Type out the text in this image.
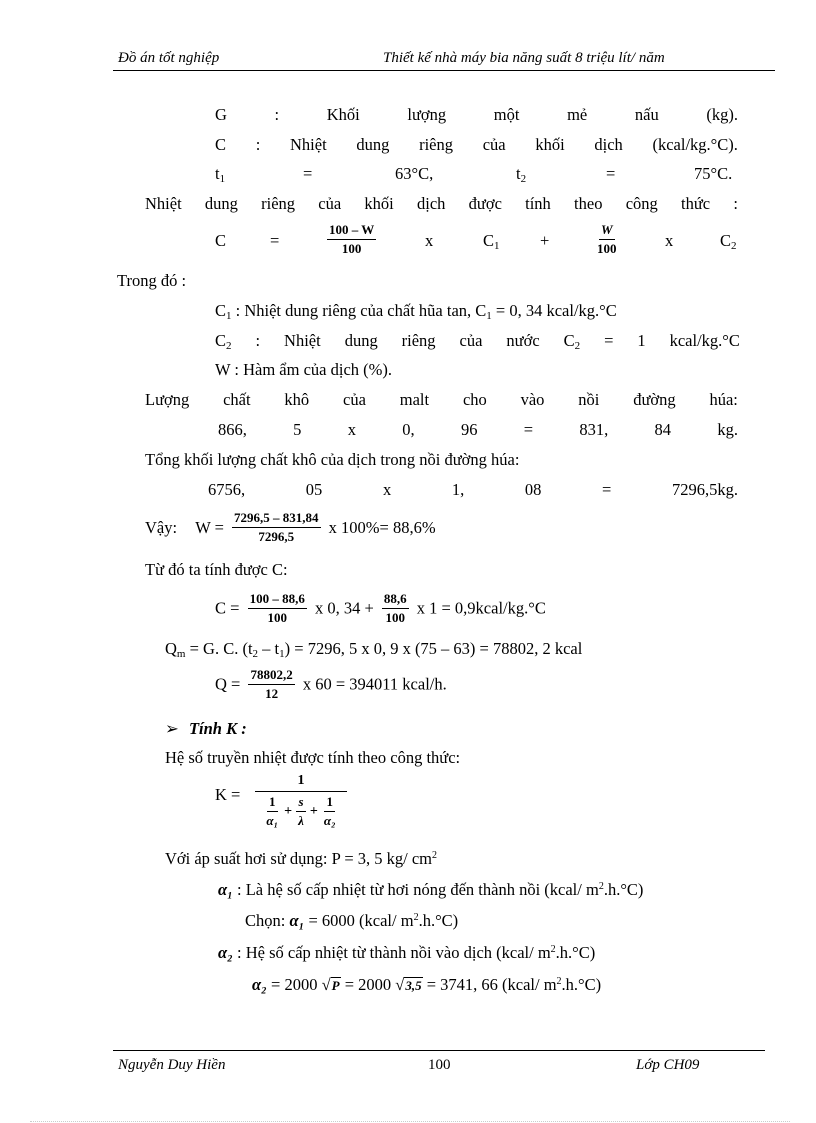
Đồ án tốt nghiệp	Thiết kế nhà máy bia năng suất 8 triệu lít/ năm
G	:	Khối	lượng	một	mẻ	nấu	(kg).
C : Nhiệt dung riêng của khối dịch (kcal/kg.°C).
$t_1$	=	63°C,	$t_2$	=	75°C.
Nhiệt dung riêng của khối dịch được tính theo công thức :
C	=	$\frac{100 - W}{100}$	x	$C_1$ +	$\frac{W}{100}$	x	$C_2$
Trong đó :
$C_1$ : Nhiệt dung riêng của chất hũa tan, $C_1 = 0$, 34 kcal/kg.°C
$C_2$ : Nhiệt dung riêng của nước $C_2 = 1$ kcal/kg.°C
W : Hàm ẩm của dịch (%).
Lượng chất khô của malt cho vào nồi đường húa:
866,	5	x	0,	96	=	831,	84	kg.
Tổng khối lượng chất khô của dịch trong nồi đường húa:
6756,	05	x	1,	08	=	7296,5kg.
Vậy: $W = \frac{7296,5 - 831,84}{7296,5}$ x 100%= 88,6%
Từ đó ta tính được C:
$C = \frac{100 - 88,6}{100}$ x 0, $34 + \frac{88,6}{100}$ x 1 = 0,9kcal/kg.°C
$Q_m = G$. C. $(t_2 - t_1) = 7296$, 5 x 0, 9 x (75 – 63) = 78802, 2 kcal
$Q = \frac{78802,2}{12}$ x 60 = 394011 kcal/h.
➢ Tính K :
Hệ số truyền nhiệt được tính theo công thức:
K =
1
$\frac{1}{\text{α₁}} + \frac{s}{\lambda} + \frac{1}{\text{α₂}}$
Với áp suất hơi sử dụng: P = 3, 5 kg/ $cm^2$
α₁ : Là hệ số cấp nhiệt từ hơi nóng đến thành nồi (kcal/ $m^2.h.^\circ C$)
Chọn: α₁ = 6000 (kcal/ $m^2.h.^\circ C$)
α₂ : Hệ số cấp nhiệt từ thành nồi vào dịch (kcal/ $m^2.h.^\circ C$)
α₂ = 2000 √P = 2000 √3,5 = 3741, 66 (kcal/ $m^2.h.^\circ C$)
Nguyễn Duy Hiền	100	Lớp CH09
